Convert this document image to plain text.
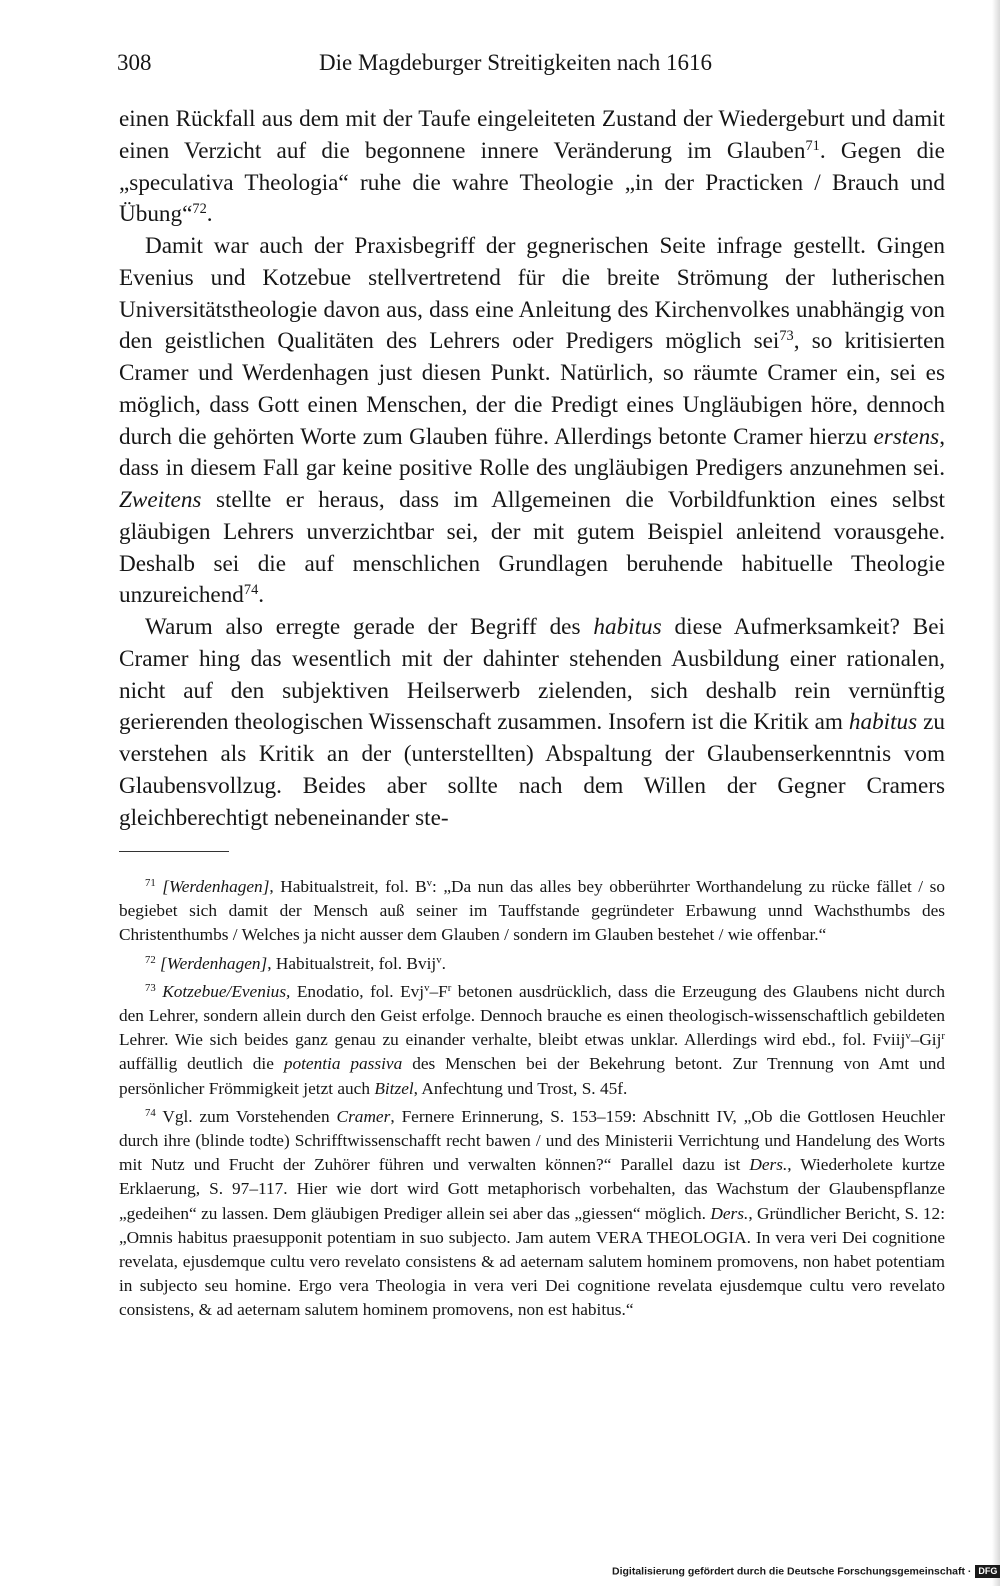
308	Die Magdeburger Streitigkeiten nach 1616

einen Rückfall aus dem mit der Taufe eingeleiteten Zustand der Wiedergeburt und damit einen Verzicht auf die begonnene innere Veränderung im Glauben$^{71}$. Gegen die „speculativa Theologia“ ruhe die wahre Theologie „in der Practicken / Brauch und Übung“$^{72}$.

Damit war auch der Praxisbegriff der gegnerischen Seite infrage gestellt. Gingen Evenius und Kotzebue stellvertretend für die breite Strömung der lutherischen Universitätstheologie davon aus, dass eine Anleitung des Kirchenvolkes unabhängig von den geistlichen Qualitäten des Lehrers oder Predigers möglich sei$^{73}$, so kritisierten Cramer und Werdenhagen just diesen Punkt. Natürlich, so räumte Cramer ein, sei es möglich, dass Gott einen Menschen, der die Predigt eines Ungläubigen höre, dennoch durch die gehörten Worte zum Glauben führe. Allerdings betonte Cramer hierzu erstens, dass in diesem Fall gar keine positive Rolle des ungläubigen Predigers anzunehmen sei. Zweitens stellte er heraus, dass im Allgemeinen die Vorbildfunktion eines selbst gläubigen Lehrers unverzichtbar sei, der mit gutem Beispiel anleitend vorausgehe. Deshalb sei die auf menschlichen Grundlagen beruhende habituelle Theologie unzureichend$^{74}$.

Warum also erregte gerade der Begriff des habitus diese Aufmerksamkeit? Bei Cramer hing das wesentlich mit der dahinter stehenden Ausbildung einer rationalen, nicht auf den subjektiven Heilserwerb zielenden, sich deshalb rein vernünftig gerierenden theologischen Wissenschaft zusammen. Insofern ist die Kritik am habitus zu verstehen als Kritik an der (unterstellten) Abspaltung der Glaubenserkenntnis vom Glaubensvollzug. Beides aber sollte nach dem Willen der Gegner Cramers gleichberechtigt nebeneinander ste-

$^{71}$ [Werdenhagen], Habitualstreit, fol. $B^v$: „Da nun das alles bey obberührter Worthandelung zu rücke fället / so begiebet sich damit der Mensch auß seiner im Tauffstande gegründeter Erbawung unnd Wachsthumbs des Christenthumbs / Welches ja nicht ausser dem Glauben / sondern im Glauben bestehet / wie offenbar.“

$^{72}$ [Werdenhagen], Habitualstreit, fol. Bvij$^v$.

$^{73}$ Kotzebue/Evenius, Enodatio, fol. $Evj^v-F^r$ betonen ausdrücklich, dass die Erzeugung des Glaubens nicht durch den Lehrer, sondern allein durch den Geist erfolge. Dennoch brauche es einen theologisch-wissenschaftlich gebildeten Lehrer. Wie sich beides ganz genau zu einander verhalte, bleibt etwas unklar. Allerdings wird ebd., fol. Fviij$^v$–Gij$^r$ auffällig deutlich die potentia passiva des Menschen bei der Bekehrung betont. Zur Trennung von Amt und persönlicher Frömmigkeit jetzt auch Bitzel, Anfechtung und Trost, S. 45f.

$^{74}$ Vgl. zum Vorstehenden Cramer, Fernere Erinnerung, S. 153–159: Abschnitt IV, „Ob die Gottlosen Heuchler durch ihre (blinde todte) Schrifftwissenschafft recht bawen / und des Ministerii Verrichtung und Handelung des Worts mit Nutz und Frucht der Zuhörer führen und verwalten können?“ Parallel dazu ist Ders., Wiederholete kurtze Erklaerung, S. 97–117. Hier wie dort wird Gott metaphorisch vorbehalten, das Wachstum der Glaubenspflanze „gedeihen“ zu lassen. Dem gläubigen Prediger allein sei aber das „giessen“ möglich. Ders., Gründlicher Bericht, S. 12: „Omnis habitus praesupponit potentiam in suo subjecto. Jam autem VERA THEOLOGIA. In vera veri Dei cognitione revelata, ejusdemque cultu vero revelato consistens & ad aeternam salutem hominem promovens, non habet potentiam in subjecto seu homine. Ergo vera Theologia in vera veri Dei cognitione revelata ejusdemque cultu vero revelato consistens, & ad aeternam salutem hominem promovens, non est habitus.“

Digitalisierung gefördert durch die Deutsche Forschungsgemeinschaft · DFG
